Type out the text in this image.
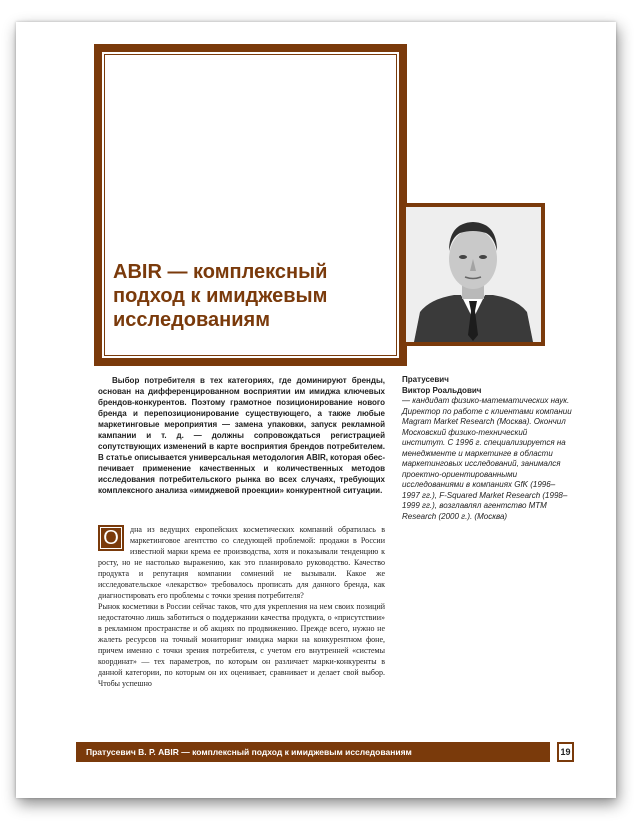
ABIR — комплексный подход к имиджевым исследованиям

Выбор потребителя в тех категориях, где доминируют бренды, основан на дифференцированном восприятии им имиджа ключевых брендов-конкурентов. Поэтому грамотное позиционирование нового бренда и перепозиционирование существующего, а также любые маркетинговые мероприятия — замена упаковки, запуск рекламной кампании и т. д. — должны сопровождаться регистрацией сопутствующих изменений в карте восприятия брендов потребителем. В статье описывается универсальная методология ABIR, которая обеспечивает применение качественных и количественных методов исследования потребительского рынка во всех случаях, требующих комплексного анализа «имиджевой проекции» конкурентной ситуации.

О	дна из ведущих европейских косметических компаний обратилась в маркетинговое агентство со следующей проблемой: продажи в России известной марки крема ее производства, хотя и показывали тенденцию к росту, но не настолько выражению, как это планировало руководство. Качество продукта и репутация компании сомнений не вызывали. Какое же исследовательское «лекарство» требовалось прописать для данного бренда, как диагностировать его проблемы с точки зрения потребителя?

Рынок косметики в России сейчас таков, что для укрепления на нем своих позиций недостаточно лишь заботиться о поддержании качества продукта, о «присутствии» в рекламном пространстве и об акциях по продвижению. Прежде всего, нужно не жалеть ресурсов на точный мониторинг имиджа марки на конкурентном фоне, причем именно с точки зрения потребителя, с учетом его внутренней «системы координат» — тех параметров, по которым он различает марки-конкуренты в данной категории, по которым он их оценивает, сравнивает и делает свой выбор. Чтобы успешно

Пратусевич

Виктор Роальдович

— кандидат физико-математических наук. Директор по работе с клиентами компании Magram Market Research (Москва). Окончил Московский физико-технический институт. С 1996 г. специализируется на менеджменте и маркетинге в области маркетинговых исследований, занимался проектно-ориентированными исследованиями в компаниях GfK (1996–1997 гг.), F-Squared Market Research (1998–1999 гг.), возглавлял агентство MTM Research (2000 г.). (Москва)

Пратусевич В. Р. ABIR — комплексный подход к имиджевым исследованиям	19
